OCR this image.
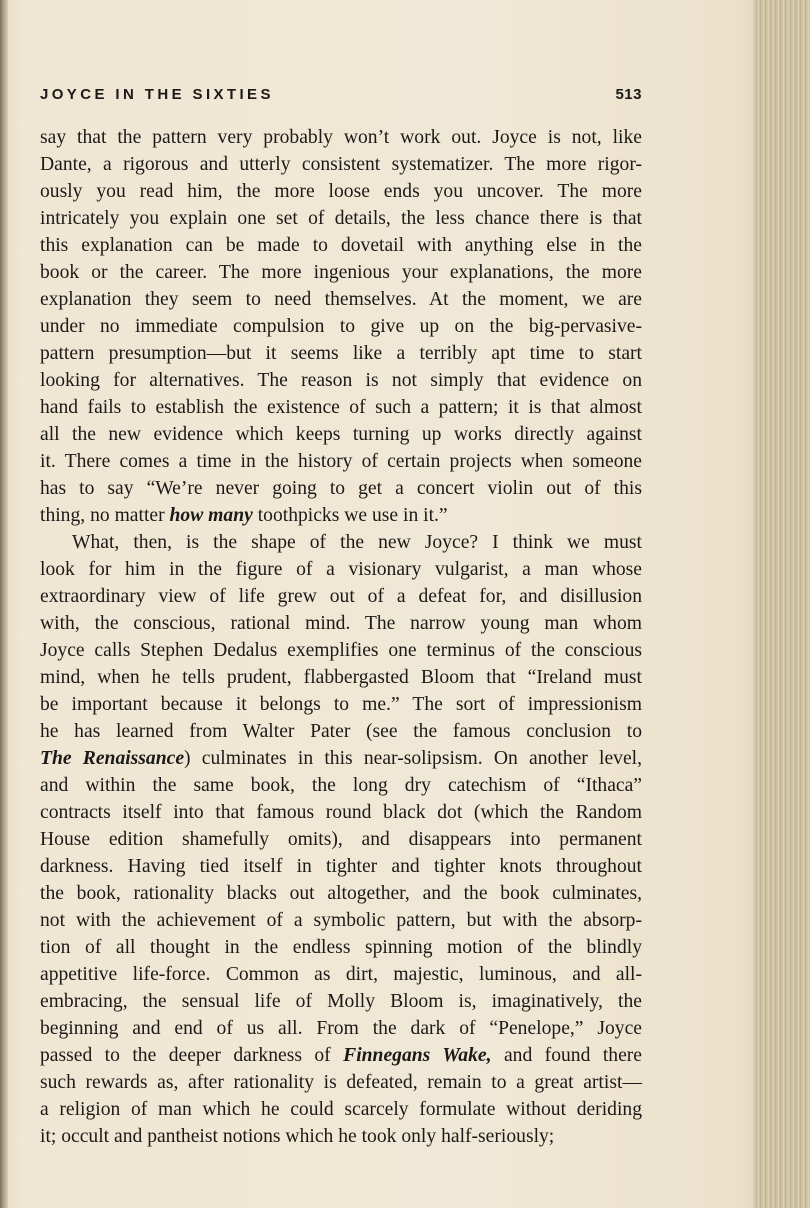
JOYCE IN THE SIXTIES	513
say that the pattern very probably won’t work out. Joyce is not, like
Dante, a rigorous and utterly consistent systematizer. The more rigor-
ously you read him, the more loose ends you uncover. The more
intricately you explain one set of details, the less chance there is that
this explanation can be made to dovetail with anything else in the
book or the career. The more ingenious your explanations, the more
explanation they seem to need themselves. At the moment, we are
under no immediate compulsion to give up on the big-pervasive-
pattern presumption—but it seems like a terribly apt time to start
looking for alternatives. The reason is not simply that evidence on
hand fails to establish the existence of such a pattern; it is that almost
all the new evidence which keeps turning up works directly against
it. There comes a time in the history of certain projects when someone
has to say “We’re never going to get a concert violin out of this
thing, no matter how many toothpicks we use in it.”
What, then, is the shape of the new Joyce? I think we must
look for him in the figure of a visionary vulgarist, a man whose
extraordinary view of life grew out of a defeat for, and disillusion
with, the conscious, rational mind. The narrow young man whom
Joyce calls Stephen Dedalus exemplifies one terminus of the conscious
mind, when he tells prudent, flabbergasted Bloom that “Ireland must
be important because it belongs to me.” The sort of impressionism
he has learned from Walter Pater (see the famous conclusion to
The Renaissance) culminates in this near-solipsism. On another level,
and within the same book, the long dry catechism of “Ithaca”
contracts itself into that famous round black dot (which the Random
House edition shamefully omits), and disappears into permanent
darkness. Having tied itself in tighter and tighter knots throughout
the book, rationality blacks out altogether, and the book culminates,
not with the achievement of a symbolic pattern, but with the absorp-
tion of all thought in the endless spinning motion of the blindly
appetitive life-force. Common as dirt, majestic, luminous, and all-
embracing, the sensual life of Molly Bloom is, imaginatively, the
beginning and end of us all. From the dark of “Penelope,” Joyce
passed to the deeper darkness of Finnegans Wake, and found there
such rewards as, after rationality is defeated, remain to a great artist—
a religion of man which he could scarcely formulate without deriding
it; occult and pantheist notions which he took only half-seriously;
